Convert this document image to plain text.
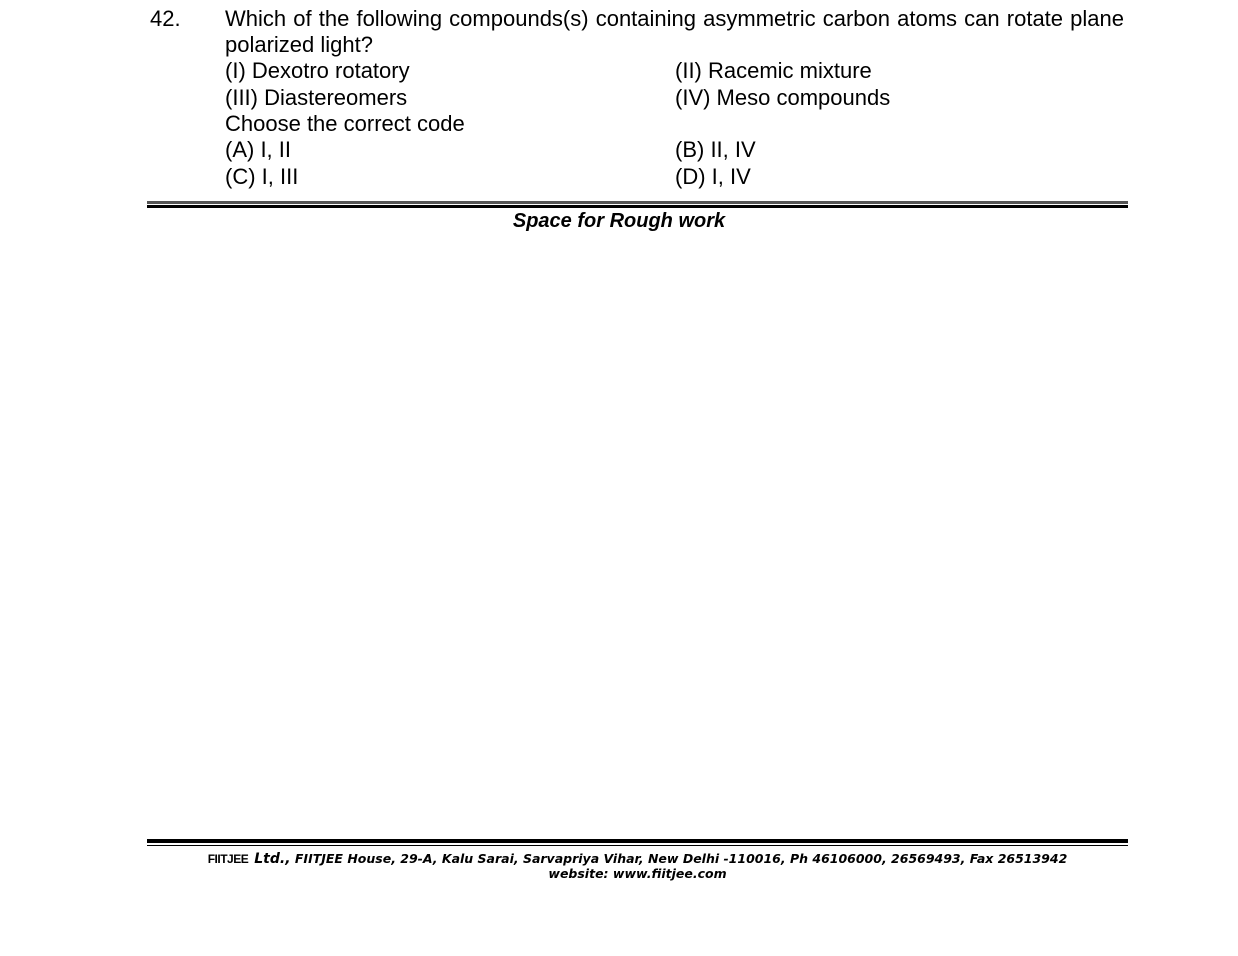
42. Which of the following compounds(s) containing asymmetric carbon atoms can rotate plane polarized light?
(I) Dexotro rotatory	(II) Racemic mixture
(III) Diastereomers	(IV) Meso compounds
Choose the correct code
(A) I, II	(B) II, IV
(C) I, III	(D) I, IV
Space for Rough work
FIITJEE Ltd., FIITJEE House, 29-A, Kalu Sarai, Sarvapriya Vihar, New Delhi -110016, Ph 46106000, 26569493, Fax 26513942
website: www.fiitjee.com
